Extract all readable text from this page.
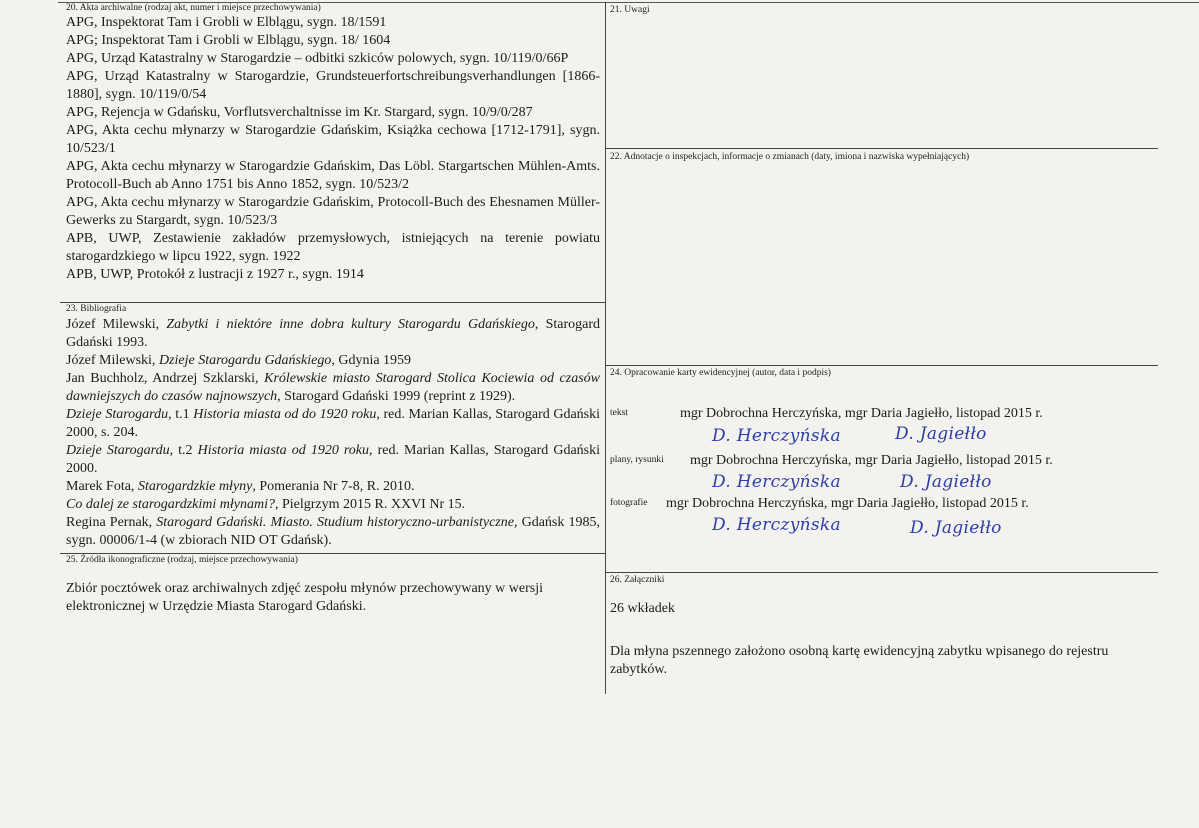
20. Akta archiwalne (rodzaj akt, numer i miejsce przechowywania)

APG, Inspektorat Tam i Grobli w Elblągu, sygn. 18/1591

APG; Inspektorat Tam i Grobli w Elblągu, sygn. 18/ 1604

APG, Urząd Katastralny w Starogardzie – odbitki szkiców polowych, sygn. 10/119/0/66P

APG, Urząd Katastralny w Starogardzie, Grundsteuerfortschreibungsverhandlungen [1866-1880], sygn. 10/119/0/54

APG, Rejencja w Gdańsku, Vorflutsverchaltnisse im Kr. Stargard, sygn. 10/9/0/287

APG, Akta cechu młynarzy w Starogardzie Gdańskim, Książka cechowa [1712-1791], sygn. 10/523/1

APG, Akta cechu młynarzy w Starogardzie Gdańskim, Das Löbl. Stargartschen Mühlen-Amts. Protocoll-Buch ab Anno 1751 bis Anno 1852, sygn. 10/523/2

APG, Akta cechu młynarzy w Starogardzie Gdańskim, Protocoll-Buch des Ehesnamen Müller-Gewerks zu Stargardt, sygn. 10/523/3

APB, UWP, Zestawienie zakładów przemysłowych, istniejących na terenie powiatu starogardzkiego w lipcu 1922, sygn. 1922

APB, UWP, Protokół z lustracji z 1927 r., sygn. 1914

23. Bibliografia

Józef Milewski, Zabytki i niektóre inne dobra kultury Starogardu Gdańskiego, Starogard Gdański 1993.

Józef Milewski, Dzieje Starogardu Gdańskiego, Gdynia 1959

Jan Buchholz, Andrzej Szklarski, Królewskie miasto Starogard Stolica Kociewia od czasów dawniejszych do czasów najnowszych, Starogard Gdański 1999 (reprint z 1929).

Dzieje Starogardu, t.1 Historia miasta od do 1920 roku, red. Marian Kallas, Starogard Gdański 2000, s. 204.

Dzieje Starogardu, t.2 Historia miasta od 1920 roku, red. Marian Kallas, Starogard Gdański 2000.

Marek Fota, Starogardzkie młyny, Pomerania Nr 7-8, R. 2010.

Co dalej ze starogardzkimi młynami?, Pielgrzym 2015 R. XXVI Nr 15.

Regina Pernak, Starogard Gdański. Miasto. Studium historyczno-urbanistyczne, Gdańsk 1985, sygn. 00006/1-4 (w zbiorach NID OT Gdańsk).

25. Źródła ikonograficzne (rodzaj, miejsce przechowywania)

Zbiór pocztówek oraz archiwalnych zdjęć zespołu młynów przechowywany w wersji elektronicznej w Urzędzie Miasta Starogard Gdański.

21. Uwagi
22. Adnotacje o inspekcjach, informacje o zmianach (daty, imiona i nazwiska wypełniających)
24. Opracowanie karty ewidencyjnej (autor, data i podpis)
tekst	mgr Dobrochna Herczyńska, mgr Daria Jagiełło, listopad 2015 r.
D. Herczyńska	D. Jagiełło
plany, rysunki mgr Dobrochna Herczyńska, mgr Daria Jagiełło, listopad 2015 r.
D. Herczyńska	D. Jagiełło
fotografie mgr Dobrochna Herczyńska, mgr Daria Jagiełło, listopad 2015 r.
D. Herczyńska	D. Jagiełło
26. Załączniki
26 wkładek

Dla młyna pszennego założono osobną kartę ewidencyjną zabytku wpisanego do rejestru zabytków.
